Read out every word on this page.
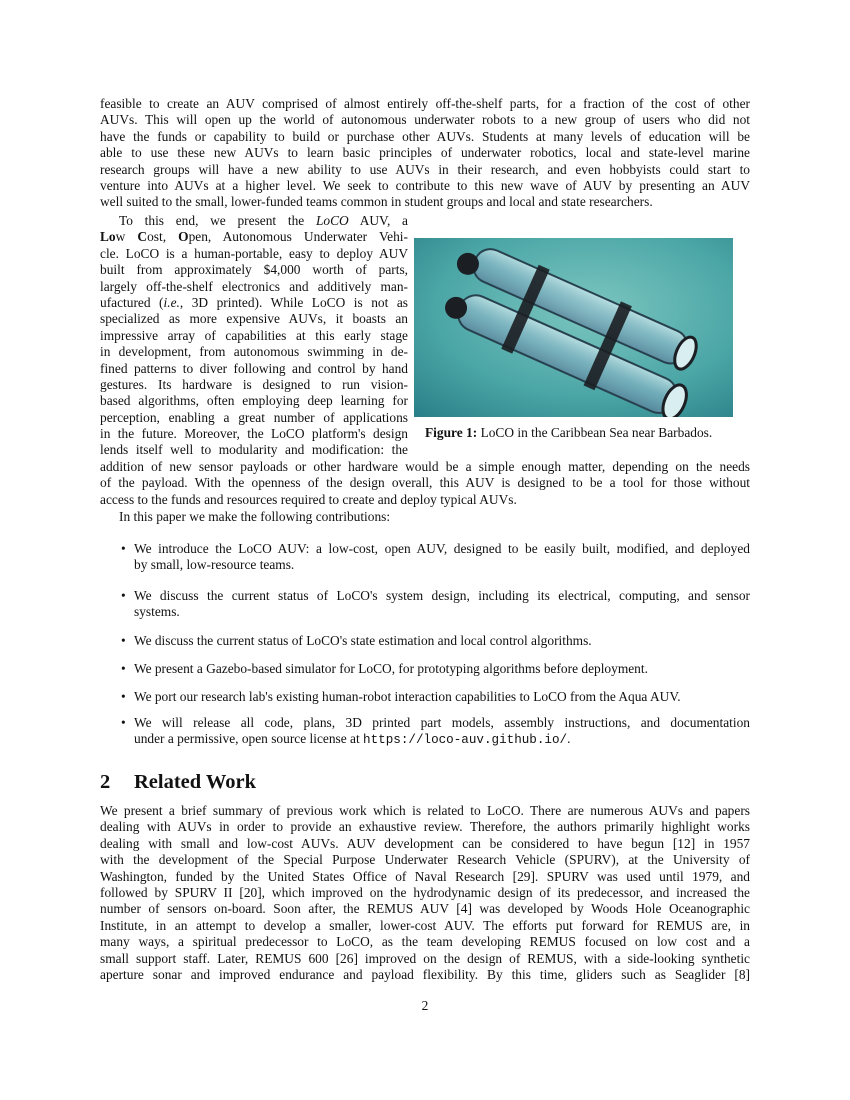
feasible to create an AUV comprised of almost entirely off-the-shelf parts, for a fraction of the cost of other
AUVs. This will open up the world of autonomous underwater robots to a new group of users who did not
have the funds or capability to build or purchase other AUVs. Students at many levels of education will be
able to use these new AUVs to learn basic principles of underwater robotics, local and state-level marine
research groups will have a new ability to use AUVs in their research, and even hobbyists could start to
venture into AUVs at a higher level. We seek to contribute to this new wave of AUV by presenting an AUV
well suited to the small, lower-funded teams common in student groups and local and state researchers.
To this end, we present the LoCO AUV, a
Low Cost, Open, Autonomous Underwater Vehi-
cle. LoCO is a human-portable, easy to deploy AUV
built from approximately $4,000 worth of parts,
largely off-the-shelf electronics and additively man-
ufactured (i.e., 3D printed). While LoCO is not as
specialized as more expensive AUVs, it boasts an
impressive array of capabilities at this early stage
in development, from autonomous swimming in de-
fined patterns to diver following and control by hand
gestures. Its hardware is designed to run vision-
based algorithms, often employing deep learning for
perception, enabling a great number of applications
in the future. Moreover, the LoCO platform's design
lends itself well to modularity and modification: the
addition of new sensor payloads or other hardware would be a simple enough matter, depending on the needs
of the payload. With the openness of the design overall, this AUV is designed to be a tool for those without
access to the funds and resources required to create and deploy typical AUVs.
In this paper we make the following contributions:
Figure 1: LoCO in the Caribbean Sea near Barbados.
• We introduce the LoCO AUV: a low-cost, open AUV, designed to be easily built, modified, and deployed
by small, low-resource teams.
• We discuss the current status of LoCO's system design, including its electrical, computing, and sensor
systems.
• We discuss the current status of LoCO's state estimation and local control algorithms.
• We present a Gazebo-based simulator for LoCO, for prototyping algorithms before deployment.
• We port our research lab's existing human-robot interaction capabilities to LoCO from the Aqua AUV.
• We will release all code, plans, 3D printed part models, assembly instructions, and documentation
under a permissive, open source license at https://loco-auv.github.io/.
2 Related Work
We present a brief summary of previous work which is related to LoCO. There are numerous AUVs and papers
dealing with AUVs in order to provide an exhaustive review. Therefore, the authors primarily highlight works
dealing with small and low-cost AUVs. AUV development can be considered to have begun [12] in 1957
with the development of the Special Purpose Underwater Research Vehicle (SPURV), at the University of
Washington, funded by the United States Office of Naval Research [29]. SPURV was used until 1979, and
followed by SPURV II [20], which improved on the hydrodynamic design of its predecessor, and increased the
number of sensors on-board. Soon after, the REMUS AUV [4] was developed by Woods Hole Oceanographic
Institute, in an attempt to develop a smaller, lower-cost AUV. The efforts put forward for REMUS are, in
many ways, a spiritual predecessor to LoCO, as the team developing REMUS focused on low cost and a
small support staff. Later, REMUS 600 [26] improved on the design of REMUS, with a side-looking synthetic
aperture sonar and improved endurance and payload flexibility. By this time, gliders such as Seaglider [8]
2
